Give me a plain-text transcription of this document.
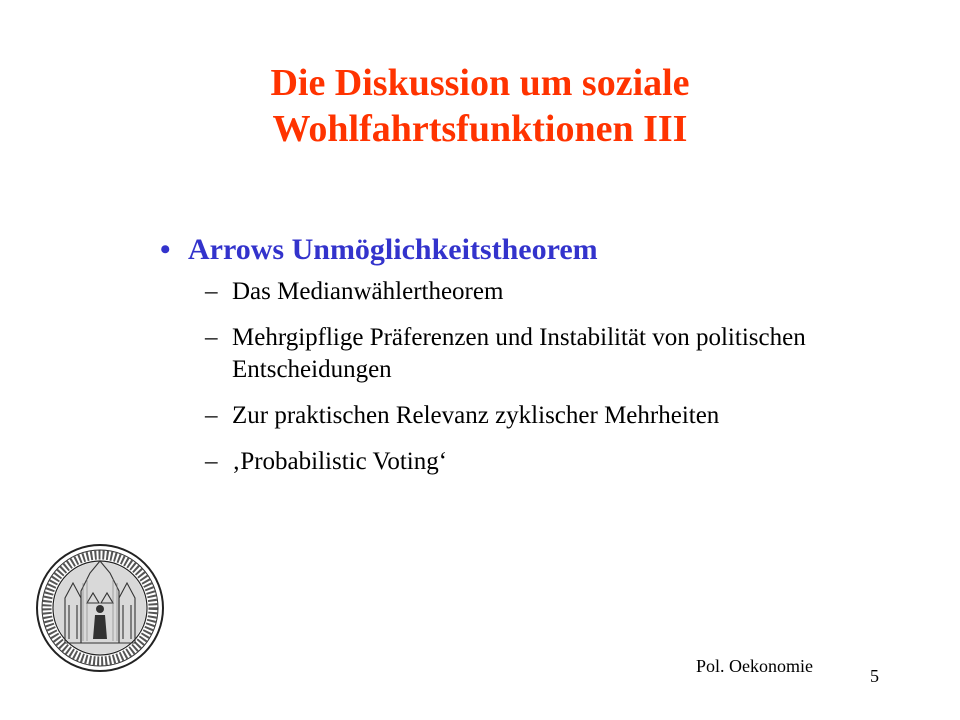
Die Diskussion um soziale
Wohlfahrtsfunktionen III
• Arrows Unmöglichkeitstheorem
– Das Medianwählertheorem
– Mehrgipflige Präferenzen und Instabilität von politischen Entscheidungen
– Zur praktischen Relevanz zyklischer Mehrheiten
– ‚Probabilistic Voting‘
Pol. Oekonomie	5
